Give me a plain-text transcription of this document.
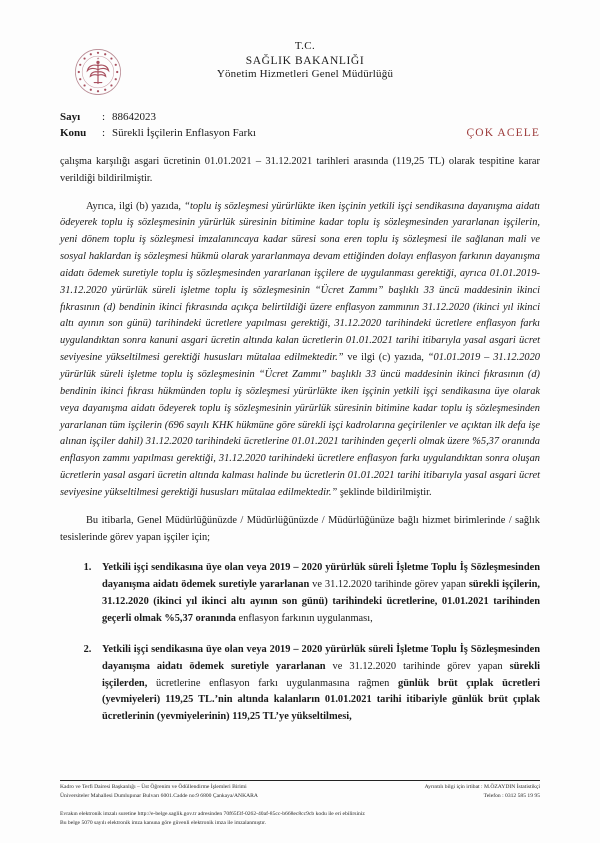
★
T.C.
SAĞLIK BAKANLIĞI
Yönetim Hizmetleri Genel Müdürlüğü
Sayı	: 88642023
Konu	: Sürekli İşçilerin Enflasyon Farkı	ÇOK ACELE

çalışma karşılığı asgari ücretinin 01.01.2021 – 31.12.2021 tarihleri arasında (119,25 TL) olarak tespitine karar verildiği bildirilmiştir.

Ayrıca, ilgi (b) yazıda, “toplu iş sözleşmesi yürürlükte iken işçinin yetkili işçi sendikasına dayanışma aidatı ödeyerek toplu iş sözleşmesinin yürürlük süresinin bitimine kadar toplu iş sözleşmesinden yararlanan işçilerin, yeni dönem toplu iş sözleşmesi imzalanıncaya kadar süresi sona eren toplu iş sözleşmesi ile sağlanan mali ve sosyal haklardan iş sözleşmesi hükmü olarak yararlanmaya devam ettiğinden dolayı enflasyon farkının dayanışma aidatı ödemek suretiyle toplu iş sözleşmesinden yararlanan işçilere de uygulanması gerektiği, ayrıca 01.01.2019-31.12.2020 yürürlük süreli işletme toplu iş sözleşmesinin “Ücret Zammı” başlıklı 33 üncü maddesinin ikinci fıkrasının (d) bendinin ikinci fıkrasında açıkça belirtildiği üzere enflasyon zammının 31.12.2020 (ikinci yıl ikinci altı ayının son günü) tarihindeki ücretlere yapılması gerektiği, 31.12.2020 tarihindeki ücretlere enflasyon farkı uygulandıktan sonra kanuni asgari ücretin altında kalan ücretlerin 01.01.2021 tarihi itibarıyla yasal asgari ücret seviyesine yükseltilmesi gerektiği hususları mütalaa edilmektedir.” ve ilgi (c) yazıda, “01.01.2019 – 31.12.2020 yürürlük süreli işletme toplu iş sözleşmesinin “Ücret Zammı” başlıklı 33 üncü maddesinin ikinci fıkrasının (d) bendinin ikinci fıkrası hükmünden toplu iş sözleşmesi yürürlükte iken işçinin yetkili işçi sendikasına üye olarak veya dayanışma aidatı ödeyerek toplu iş sözleşmesinin yürürlük süresinin bitimine kadar toplu iş sözleşmesinden yararlanan tüm işçilerin (696 sayılı KHK hükmüne göre sürekli işçi kadrolarına geçirilenler ve açıktan ilk defa işe alınan işçiler dahil) 31.12.2020 tarihindeki ücretlerine 01.01.2021 tarihinden geçerli olmak üzere %5,37 oranında enflasyon zammı yapılması gerektiği, 31.12.2020 tarihindeki ücretlere enflasyon farkı uygulandıktan sonra oluşan ücretlerin yasal asgari ücretin altında kalması halinde bu ücretlerin 01.01.2021 tarihi itibarıyla yasal asgari ücret seviyesine yükseltilmesi gerektiği hususları mütalaa edilmektedir.” şeklinde bildirilmiştir.

Bu itibarla, Genel Müdürlüğünüzde / Müdürlüğünüzde / Müdürlüğünüze bağlı hizmet birimlerinde / sağlık tesislerinde görev yapan işçiler için;

1. Yetkili işçi sendikasına üye olan veya 2019 – 2020 yürürlük süreli İşletme Toplu İş Sözleşmesinden dayanışma aidatı ödemek suretiyle yararlanan ve 31.12.2020 tarihinde görev yapan sürekli işçilerin, 31.12.2020 (ikinci yıl ikinci altı ayının son günü) tarihindeki ücretlerine, 01.01.2021 tarihinden geçerli olmak %5,37 oranında enflasyon farkının uygulanması,
2. Yetkili işçi sendikasına üye olan veya 2019 – 2020 yürürlük süreli İşletme Toplu İş Sözleşmesinden dayanışma aidatı ödemek suretiyle yararlanan ve 31.12.2020 tarihinde görev yapan sürekli işçilerden, ücretlerine enflasyon farkı uygulanmasına rağmen günlük brüt çıplak ücretleri (yevmiyeleri) 119,25 TL.’nin altında kalanların 01.01.2021 tarihi itibariyle günlük brüt çıplak ücretlerinin (yevmiyelerinin) 119,25 TL’ye yükseltilmesi,
Kadro ve Terfi Dairesi Başkanlığı – Üst Öğrenim ve Ödüllendirme İşlemleri Birimi
Üniversiteler Mahallesi Dumlupınar Bulvarı 6001.Cadde no:9 6800 Çankaya/ANKARA
Ayrıntılı bilgi için irtibat : M.ÖZAYDIN İstatistikçi
Telefon : 0312 585 19 95
Evrakın elektronik imzalı suretine http://e-belge.saglik.gov.tr adresinden 70f65f3f-0262-40af-85cc-b668ec8cc9cb kodu ile eri ebilirsiniz
Bu belge 5070 sayılı elektronik imza kanuna göre güvenli elektronik imza ile imzalanmıştır.
